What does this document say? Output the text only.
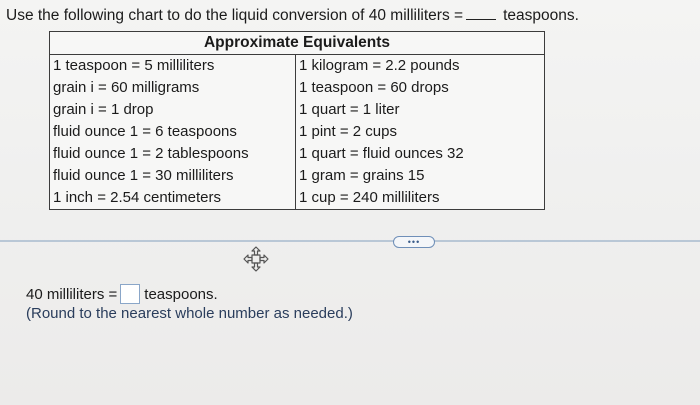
Use the following chart to do the liquid conversion of 40 milliliters =	teaspoons.
Approximate Equivalents	
1 teaspoon = 5 milliliters	1 kilogram = 2.2 pounds
grain i = 60 milligrams	1 teaspoon = 60 drops
grain i = 1 drop	1 quart = 1 liter
fluid ounce 1 = 6 teaspoons	1 pint = 2 cups
fluid ounce 1 = 2 tablespoons	1 quart = fluid ounces 32
fluid ounce 1 = 30 milliliters	1 gram = grains 15
1 inch = 2.54 centimeters	1 cup = 240 milliliters
•••
40 milliliters = teaspoons.
(Round to the nearest whole number as needed.)
